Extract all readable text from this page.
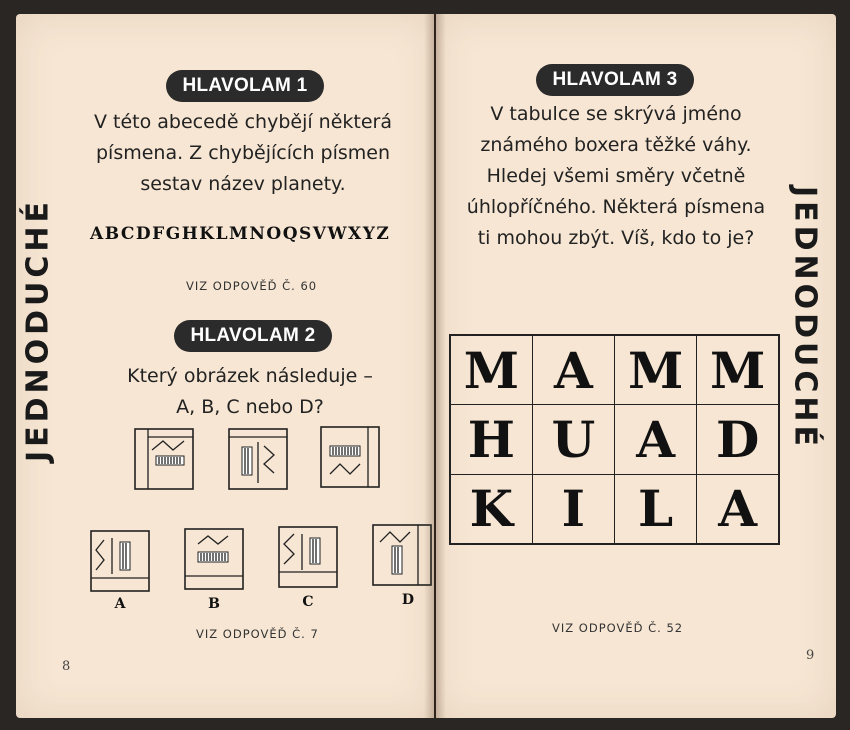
JEDNODUCHÉ
HLAVOLAM 1
V této abecedě chybějí některá
písmena. Z chybějících písmen
sestav název planety.
ABCDFGHKLMNOQSVWXYZ
VIZ ODPOVĚĎ Č. 60
HLAVOLAM 2
Který obrázek následuje –
A, B, C nebo D?
A	B	C	D
VIZ ODPOVĚĎ Č. 7
8
JEDNODUCHÉ
HLAVOLAM 3
V tabulce se skrývá jméno
známého boxera těžké váhy.
Hledej všemi směry včetně
úhlopříčného. Některá písmena
ti mohou zbýt. Víš, kdo to je?
M	A	M	M
H	U	A	D
K	I	L	A
VIZ ODPOVĚĎ Č. 52
9
